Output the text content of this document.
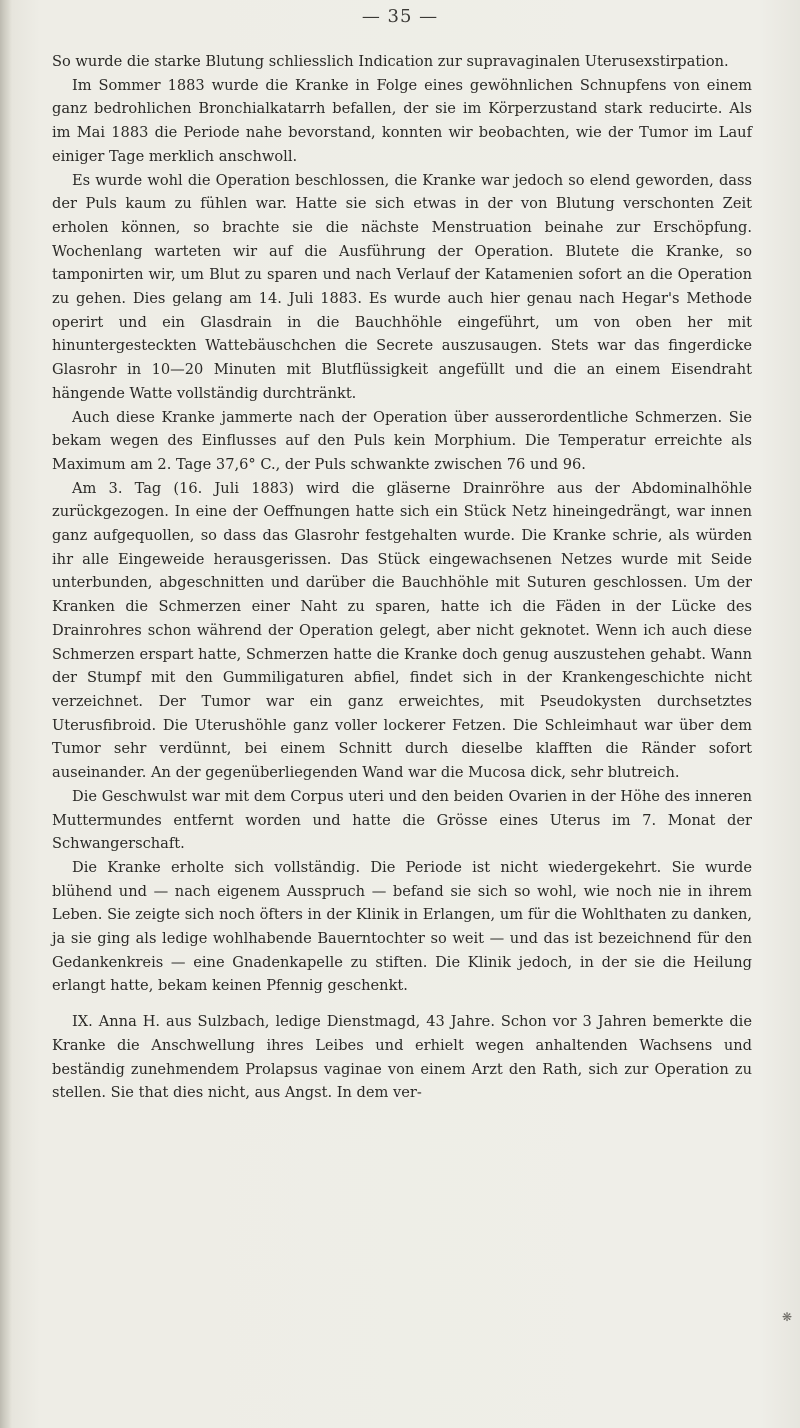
— 35 —

So wurde die starke Blutung schliesslich Indication zur supravaginalen Uterusexstirpation.

Im Sommer 1883 wurde die Kranke in Folge eines gewöhnlichen Schnupfens von einem ganz bedrohlichen Bronchialkatarrh befallen, der sie im Körperzustand stark reducirte. Als im Mai 1883 die Periode nahe bevorstand, konnten wir beobachten, wie der Tumor im Lauf einiger Tage merklich anschwoll.

Es wurde wohl die Operation beschlossen, die Kranke war jedoch so elend geworden, dass der Puls kaum zu fühlen war. Hatte sie sich etwas in der von Blutung verschonten Zeit erholen können, so brachte sie die nächste Menstruation beinahe zur Erschöpfung. Wochenlang warteten wir auf die Ausführung der Operation. Blutete die Kranke, so tamponirten wir, um Blut zu sparen und nach Verlauf der Katamenien sofort an die Operation zu gehen. Dies gelang am 14. Juli 1883. Es wurde auch hier genau nach Hegar's Methode operirt und ein Glasdrain in die Bauchhöhle eingeführt, um von oben her mit hinuntergesteckten Wattebäuschchen die Secrete auszusaugen. Stets war das fingerdicke Glasrohr in 10—20 Minuten mit Blutflüssigkeit angefüllt und die an einem Eisendraht hängende Watte vollständig durchtränkt.

Auch diese Kranke jammerte nach der Operation über ausserordentliche Schmerzen. Sie bekam wegen des Einflusses auf den Puls kein Morphium. Die Temperatur erreichte als Maximum am 2. Tage 37,6° C., der Puls schwankte zwischen 76 und 96.

Am 3. Tag (16. Juli 1883) wird die gläserne Drainröhre aus der Abdominalhöhle zurückgezogen. In eine der Oeffnungen hatte sich ein Stück Netz hineingedrängt, war innen ganz aufgequollen, so dass das Glasrohr festgehalten wurde. Die Kranke schrie, als würden ihr alle Eingeweide herausgerissen. Das Stück eingewachsenen Netzes wurde mit Seide unterbunden, abgeschnitten und darüber die Bauchhöhle mit Suturen geschlossen. Um der Kranken die Schmerzen einer Naht zu sparen, hatte ich die Fäden in der Lücke des Drainrohres schon während der Operation gelegt, aber nicht geknotet. Wenn ich auch diese Schmerzen erspart hatte, Schmerzen hatte die Kranke doch genug auszustehen gehabt. Wann der Stumpf mit den Gummiligaturen abfiel, findet sich in der Krankengeschichte nicht verzeichnet. Der Tumor war ein ganz erweichtes, mit Pseudokysten durchsetztes Uterusfibroid. Die Uterushöhle ganz voller lockerer Fetzen. Die Schleimhaut war über dem Tumor sehr verdünnt, bei einem Schnitt durch dieselbe klafften die Ränder sofort auseinander. An der gegenüberliegenden Wand war die Mucosa dick, sehr blutreich.

Die Geschwulst war mit dem Corpus uteri und den beiden Ovarien in der Höhe des inneren Muttermundes entfernt worden und hatte die Grösse eines Uterus im 7. Monat der Schwangerschaft.

Die Kranke erholte sich vollständig. Die Periode ist nicht wiedergekehrt. Sie wurde blühend und — nach eigenem Ausspruch — befand sie sich so wohl, wie noch nie in ihrem Leben. Sie zeigte sich noch öfters in der Klinik in Erlangen, um für die Wohlthaten zu danken, ja sie ging als ledige wohlhabende Bauerntochter so weit — und das ist bezeichnend für den Gedankenkreis — eine Gnadenkapelle zu stiften. Die Klinik jedoch, in der sie die Heilung erlangt hatte, bekam keinen Pfennig geschenkt.

IX. Anna H. aus Sulzbach, ledige Dienstmagd, 43 Jahre. Schon vor 3 Jahren bemerkte die Kranke die Anschwellung ihres Leibes und erhielt wegen anhaltenden Wachsens und beständig zunehmendem Prolapsus vaginae von einem Arzt den Rath, sich zur Operation zu stellen. Sie that dies nicht, aus Angst. In dem ver-

❋
